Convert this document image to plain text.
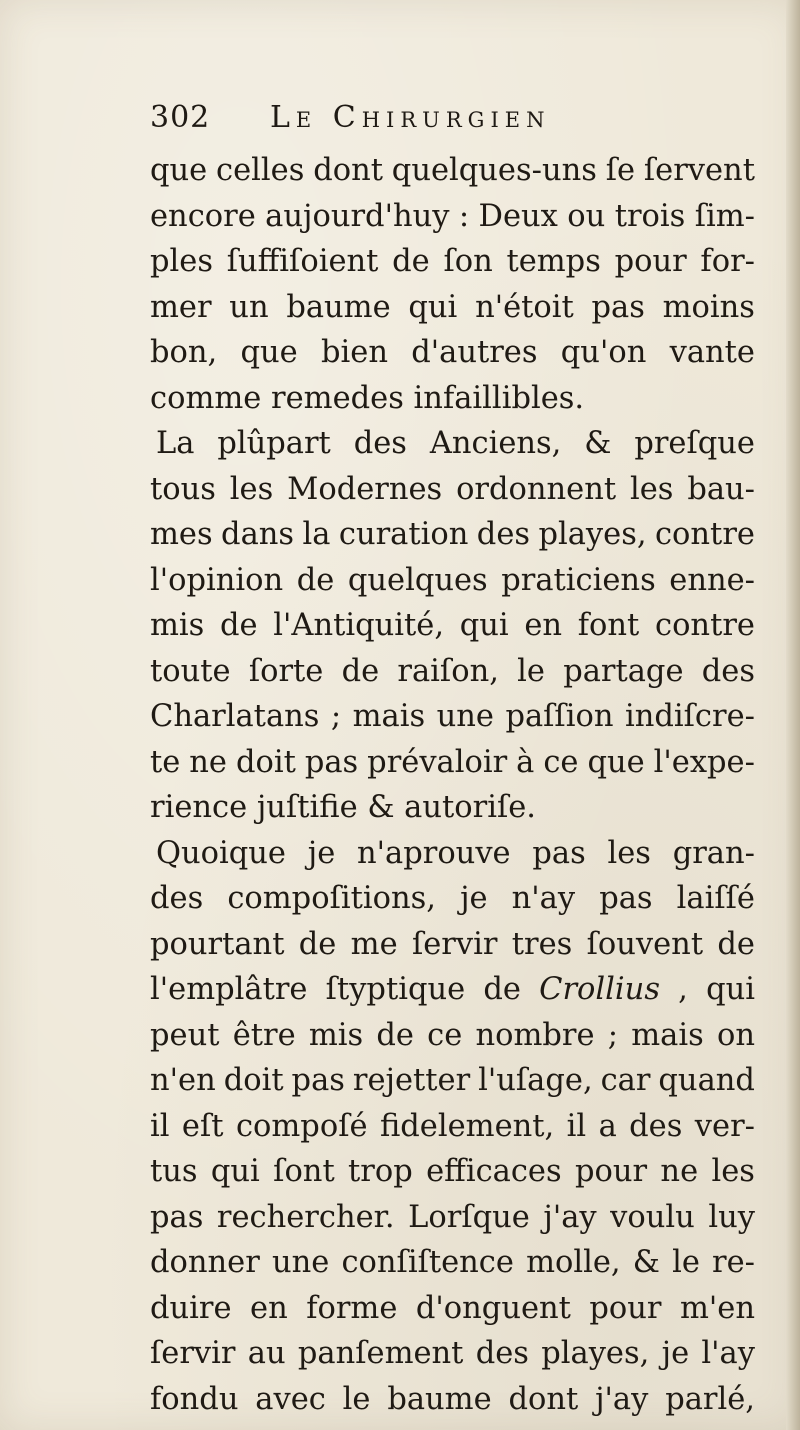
302	Le Chirurgien
que celles dont quelques-uns ſe ſervent
encore aujourd'huy : Deux ou trois ſim-
ples ſuffiſoient de ſon temps pour for-
mer un baume qui n'étoit pas moins
bon, que bien d'autres qu'on vante
comme remedes infaillibles.
La plûpart des Anciens, & preſque
tous les Modernes ordonnent les bau-
mes dans la curation des playes, contre
l'opinion de quelques praticiens enne-
mis de l'Antiquité, qui en font contre
toute ſorte de raiſon, le partage des
Charlatans ; mais une paſſion indiſcre-
te ne doit pas prévaloir à ce que l'expe-
rience juſtifie & autoriſe.
Quoique je n'aprouve pas les gran-
des compoſitions, je n'ay pas laiſſé
pourtant de me ſervir tres ſouvent de
l'emplâtre ſtyptique de Crollius , qui
peut être mis de ce nombre ; mais on
n'en doit pas rejetter l'uſage, car quand
il eſt compoſé fidelement, il a des ver-
tus qui ſont trop efficaces pour ne les
pas rechercher. Lorſque j'ay voulu luy
donner une conſiſtence molle, & le re-
duire en forme d'onguent pour m'en
ſervir au panſement des playes, je l'ay
fondu avec le baume dont j'ay parlé,
